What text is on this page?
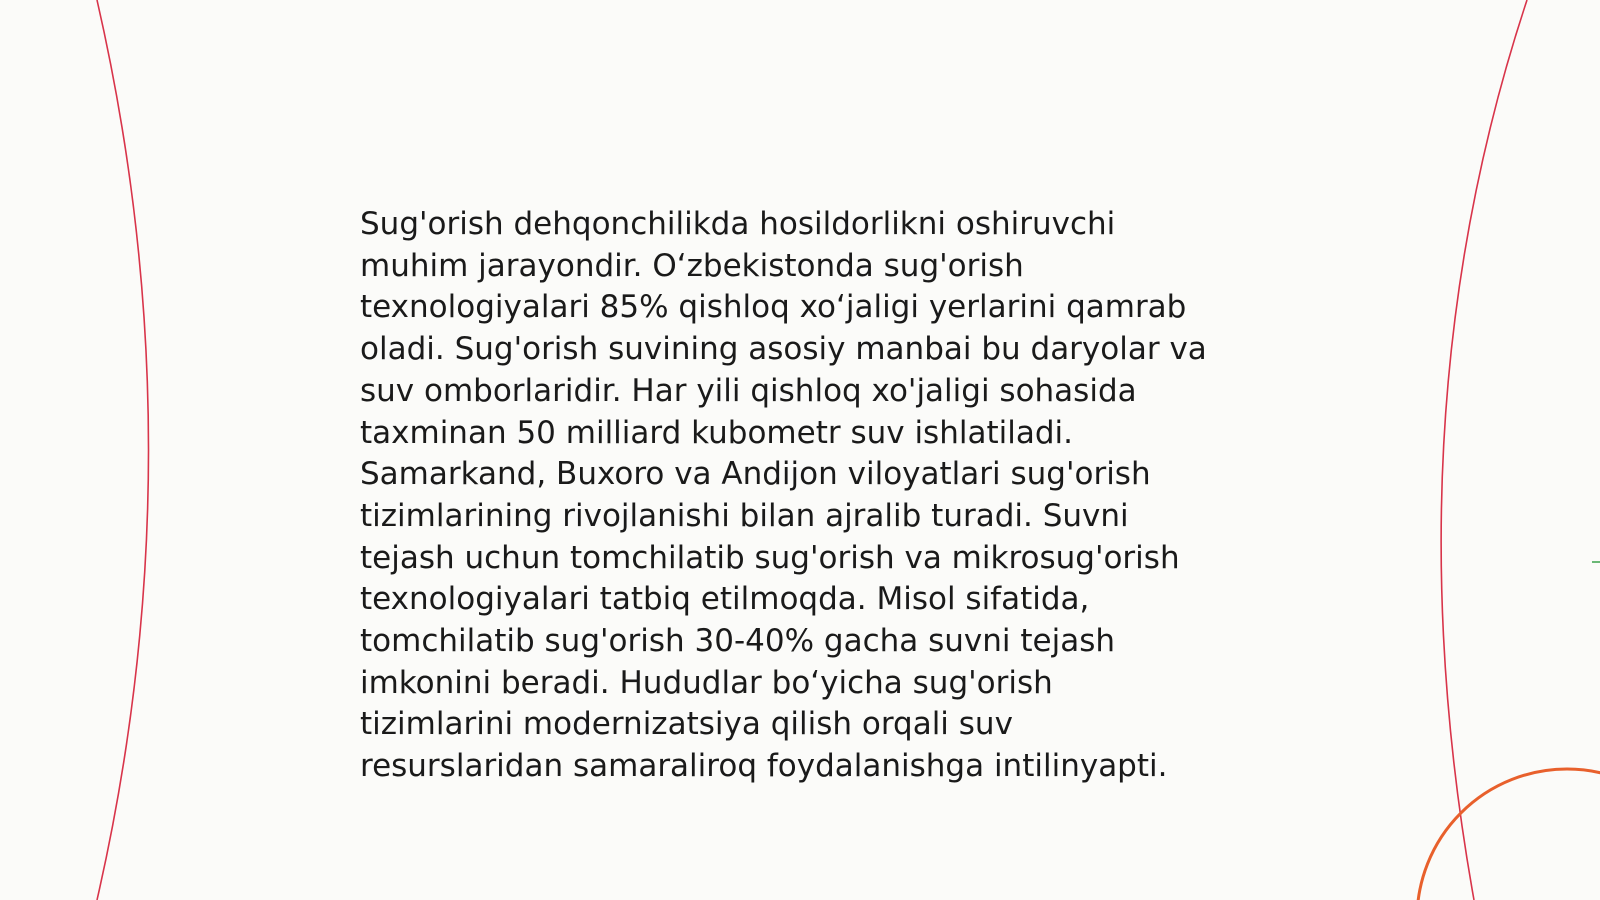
Sug'orish dehqonchilikda hosildorlikni oshiruvchi
muhim jarayondir. O‘zbekistonda sug'orish
texnologiyalari 85% qishloq xo‘jaligi yerlarini qamrab
oladi. Sug'orish suvining asosiy manbai bu daryolar va
suv omborlaridir. Har yili qishloq xo'jaligi sohasida
taxminan 50 milliard kubometr suv ishlatiladi.
Samarkand, Buxoro va Andijon viloyatlari sug'orish
tizimlarining rivojlanishi bilan ajralib turadi. Suvni
tejash uchun tomchilatib sug'orish va mikrosug'orish
texnologiyalari tatbiq etilmoqda. Misol sifatida,
tomchilatib sug'orish 30-40% gacha suvni tejash
imkonini beradi. Hududlar bo‘yicha sug'orish
tizimlarini modernizatsiya qilish orqali suv
resurslaridan samaraliroq foydalanishga intilinyapti.
